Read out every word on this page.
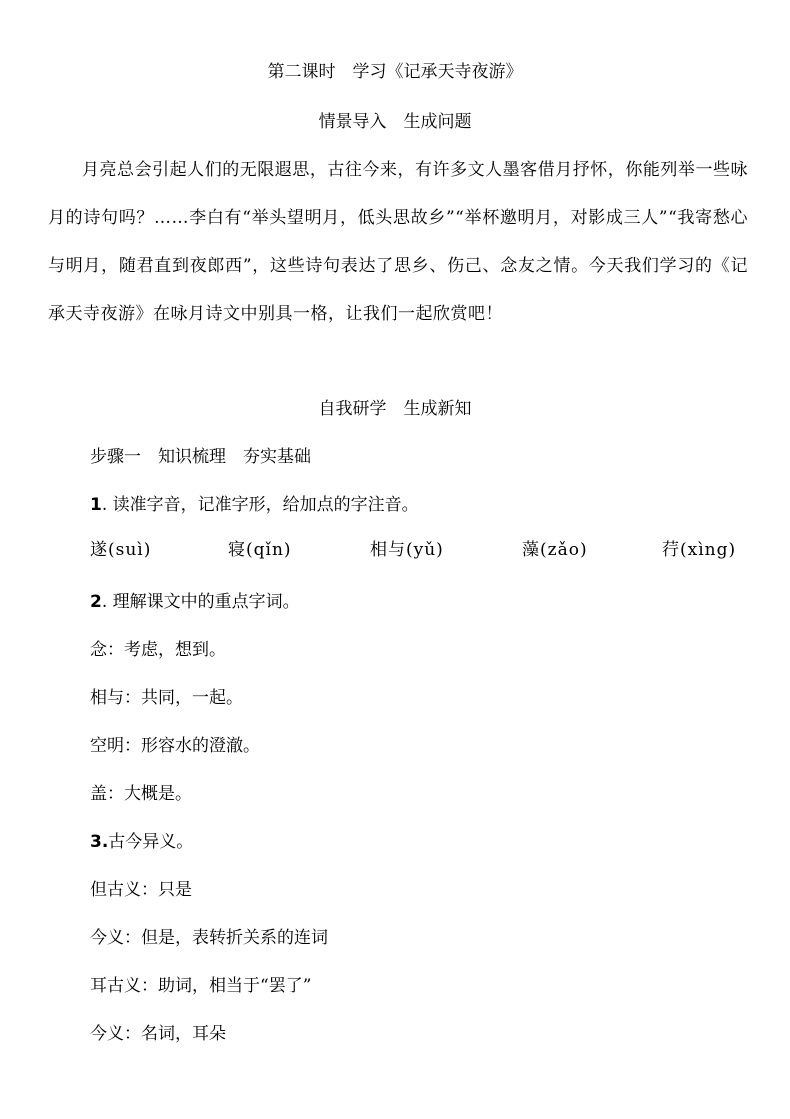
第二课时　学习《记承天寺夜游》
情景导入　生成问题
月亮总会引起人们的无限遐思，古往今来，有许多文人墨客借月抒怀，你能列举一些咏月的诗句吗？……李白有“举头望明月，低头思故乡”“举杯邀明月，对影成三人”“我寄愁心与明月，随君直到夜郎西”，这些诗句表达了思乡、伤己、念友之情。今天我们学习的《记承天寺夜游》在咏月诗文中别具一格，让我们一起欣赏吧！
自我研学　生成新知
步骤一　知识梳理　夯实基础
1. 读准字音，记准字形，给加点的字注音。
遂(suì)	寝(qǐn)	相与(yǔ)	藻(zǎo)	荇(xìng)
2. 理解课文中的重点字词。
念：考虑，想到。
相与：共同，一起。
空明：形容水的澄澈。
盖：大概是。
3.古今异义。
但古义：只是
今义：但是，表转折关系的连词
耳古义：助词，相当于“罢了”
今义：名词，耳朵
